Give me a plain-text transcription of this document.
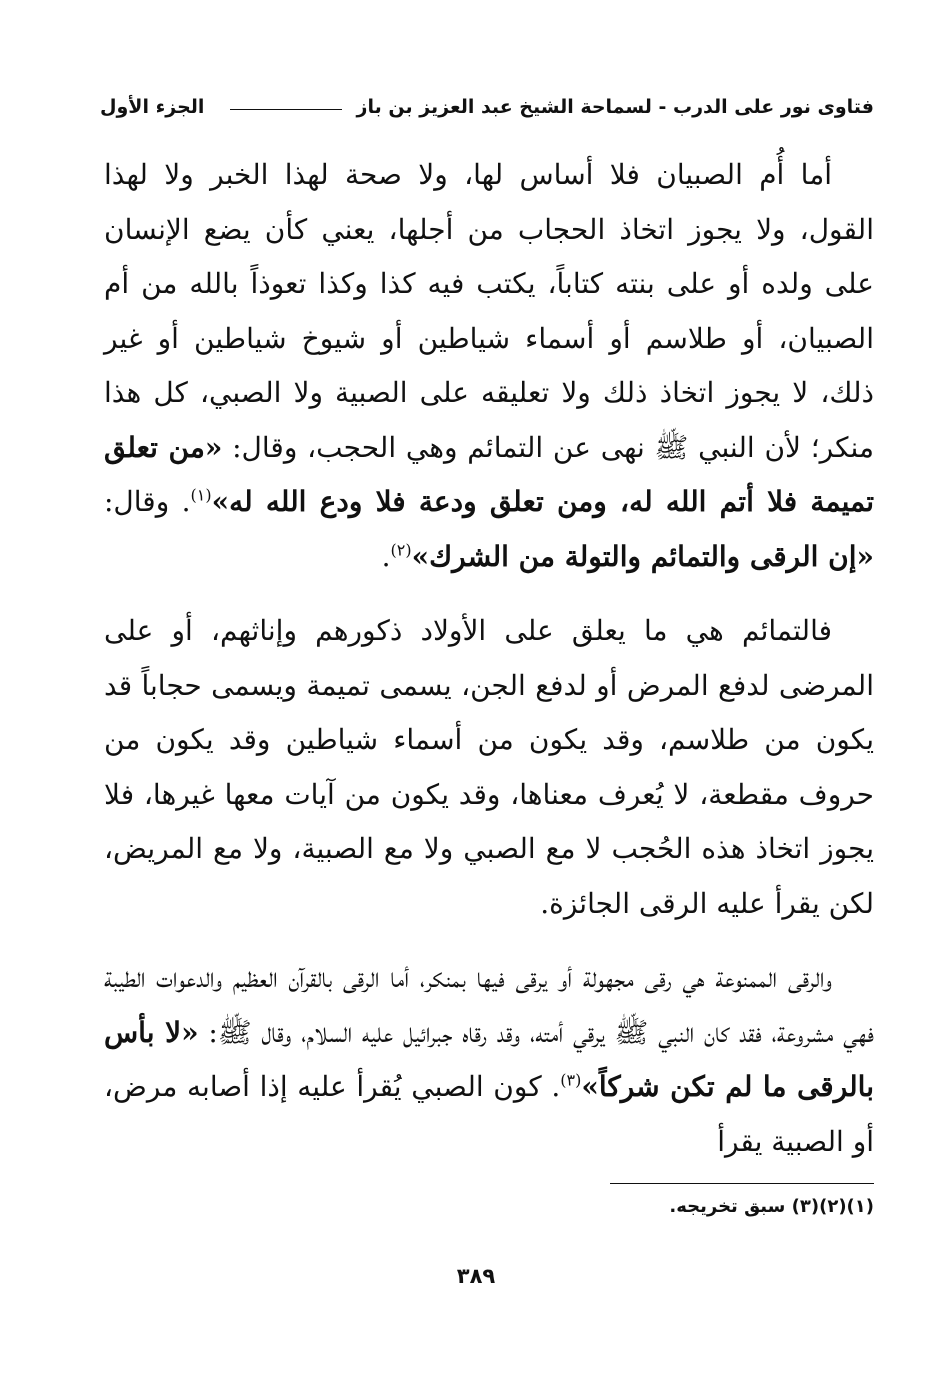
فتاوى نور على الدرب - لسماحة الشيخ عبد العزيز بن باز
الجزء الأول

أما أُم الصبيان فلا أساس لها، ولا صحة لهذا الخبر ولا لهذا القول، ولا يجوز اتخاذ الحجاب من أجلها، يعني كأن يضع الإنسان على ولده أو على بنته كتاباً، يكتب فيه كذا وكذا تعوذاً بالله من أم الصبيان، أو طلاسم أو أسماء شياطين أو شيوخ شياطين أو غير ذلك، لا يجوز اتخاذ ذلك ولا تعليقه على الصبية ولا الصبي، كل هذا منكر؛ لأن النبي ﷺ نهى عن التمائم وهي الحجب، وقال: «من تعلق تميمة فلا أتم الله له، ومن تعلق ودعة فلا ودع الله له»$^{(١)}$. وقال: «إن الرقى والتمائم والتولة من الشرك»$^{(٢)}$.

فالتمائم هي ما يعلق على الأولاد ذكورهم وإناثهم، أو على المرضى لدفع المرض أو لدفع الجن، يسمى تميمة ويسمى حجاباً قد يكون من طلاسم، وقد يكون من أسماء شياطين وقد يكون من حروف مقطعة، لا يُعرف معناها، وقد يكون من آيات معها غيرها، فلا يجوز اتخاذ هذه الحُجب لا مع الصبي ولا مع الصبية، ولا مع المريض، لكن يقرأ عليه الرقى الجائزة.

والرقى الممنوعة هي رقى مجهولة أو يرقى فيها بمنكر، أما الرقى بالقرآن العظيم والدعوات الطيبة فهي مشروعة، فقد كان النبي ﷺ يرقي أمته، وقد رقاه جبرائيل عليه السلام، وقال ﷺ: «لا بأس بالرقى ما لم تكن شركاً»$^{(٣)}$. كون الصبي يُقرأ عليه إذا أصابه مرض، أو الصبية يقرأ

(١)(٢)(٣) سبق تخريجه.
٣٨٩
